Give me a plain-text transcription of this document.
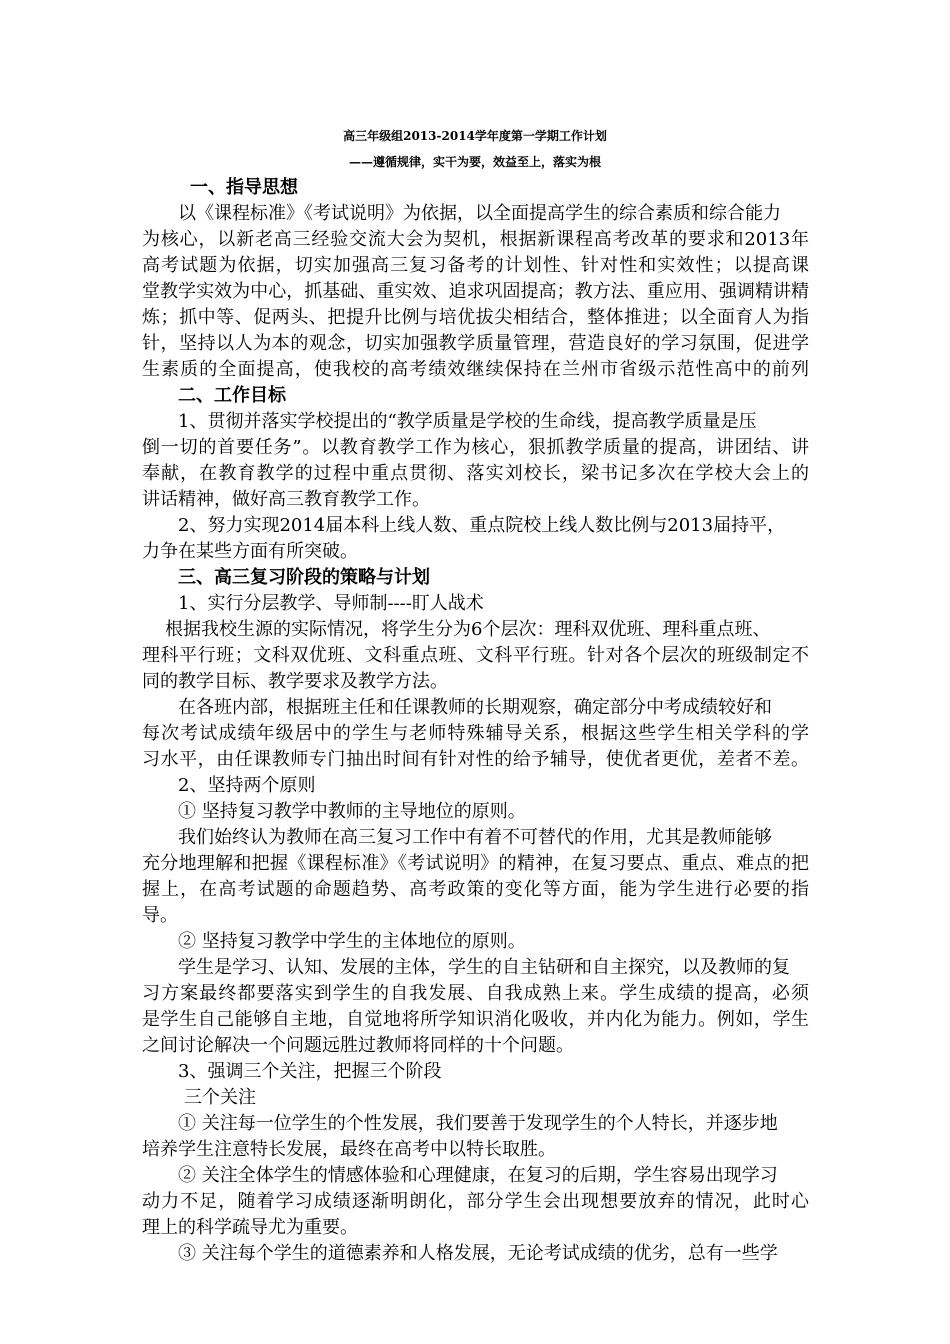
高三年级组2013-2014学年度第一学期工作计划
——遵循规律，实干为要，效益至上，落实为根
一、指导思想
以《课程标准》《考试说明》为依据，以全面提高学生的综合素质和综合能力
为核心，以新老高三经验交流大会为契机，根据新课程高考改革的要求和2013年
高考试题为依据，切实加强高三复习备考的计划性、针对性和实效性；以提高课
堂教学实效为中心，抓基础、重实效、追求巩固提高；教方法、重应用、强调精讲精
炼；抓中等、促两头、把提升比例与培优拔尖相结合，整体推进；以全面育人为指
针，坚持以人为本的观念，切实加强教学质量管理，营造良好的学习氛围，促进学
生素质的全面提高，使我校的高考绩效继续保持在兰州市省级示范性高中的前列
二、工作目标
1、贯彻并落实学校提出的“教学质量是学校的生命线，提高教学质量是压
倒一切的首要任务”。以教育教学工作为核心，狠抓教学质量的提高，讲团结、讲
奉献，在教育教学的过程中重点贯彻、落实刘校长，梁书记多次在学校大会上的
讲话精神，做好高三教育教学工作。
2、努力实现2014届本科上线人数、重点院校上线人数比例与2013届持平，
力争在某些方面有所突破。
三、高三复习阶段的策略与计划
1、实行分层教学、导师制----盯人战术
根据我校生源的实际情况，将学生分为6个层次：理科双优班、理科重点班、
理科平行班；文科双优班、文科重点班、文科平行班。针对各个层次的班级制定不
同的教学目标、教学要求及教学方法。
在各班内部，根据班主任和任课教师的长期观察，确定部分中考成绩较好和
每次考试成绩年级居中的学生与老师特殊辅导关系，根据这些学生相关学科的学
习水平，由任课教师专门抽出时间有针对性的给予辅导，使优者更优，差者不差。
2、坚持两个原则
① 坚持复习教学中教师的主导地位的原则。
我们始终认为教师在高三复习工作中有着不可替代的作用，尤其是教师能够
充分地理解和把握《课程标准》《考试说明》的精神，在复习要点、重点、难点的把
握上，在高考试题的命题趋势、高考政策的变化等方面，能为学生进行必要的指
导。
② 坚持复习教学中学生的主体地位的原则。
学生是学习、认知、发展的主体，学生的自主钻研和自主探究，以及教师的复
习方案最终都要落实到学生的自我发展、自我成熟上来。学生成绩的提高，必须
是学生自己能够自主地，自觉地将所学知识消化吸收，并内化为能力。例如，学生
之间讨论解决一个问题远胜过教师将同样的十个问题。
3、强调三个关注，把握三个阶段
三个关注
① 关注每一位学生的个性发展，我们要善于发现学生的个人特长，并逐步地
培养学生注意特长发展，最终在高考中以特长取胜。
② 关注全体学生的情感体验和心理健康，在复习的后期，学生容易出现学习
动力不足，随着学习成绩逐渐明朗化，部分学生会出现想要放弃的情况，此时心
理上的科学疏导尤为重要。
③ 关注每个学生的道德素养和人格发展，无论考试成绩的优劣，总有一些学
